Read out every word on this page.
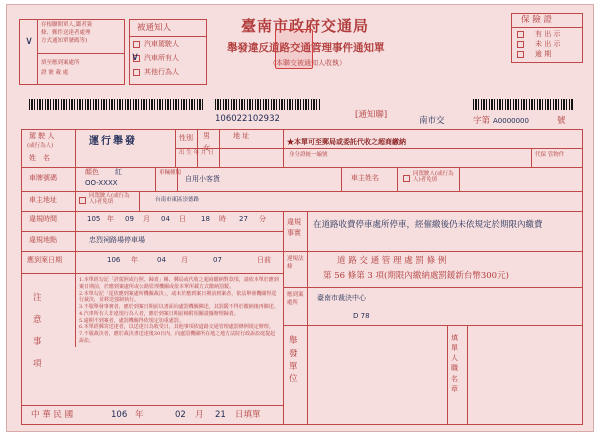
∨
存根聯開單人,鑑者簽
條、郵件送達者處理
方式通知單號碼等)
填至應到案處所
證 號 載 處
被通知人
汽車駕駛人
∨ 汽車所有人
其他行為人
臺南市政府交通局
舉發違反道路交通管理事件通知單
（本聯交被通知人收執）
保 險 證
有 出 示
未 出 示
逾 期
106022102932	[通知聯]
南市交	字第 A0000000	號
駕 駛 人
(或行為人)
姓　名
運行舉發	性別 男
女
地 址
★本單可至郵局或委託代收之超商繳納
出 生 年 月 日	身分證統一編號	代保 管物件
車牌號碼
顏色 紅
OO-XXXX
車輛種類
自用小客貨	車主姓名	同駕駛人(或行為人)者免填
車主地址	同駕駛人(或行為人)者免填	台南市東區崇德路
違規時間	105 年 09 月 04 日 18 時 27 分
違規地點	忠烈祠路場停車場
違規事實
在道路收費停車處所停車，經催繳後仍未依規定於期限內繳費
應到案日期	106 年	04 月	07	日前	違規法條
道 路 交 通 管 理 處 罰 條 例
第 56 條第 3 項(期限內繳納處罰鍰新台幣300元)
應到案處所
臺南市裁決中心
D 78
注 意 事 項
1.本單經勾記「詳駕照或行照、歸責」稱、郵局或代收之超商繳納對款項，請依本單於應到案日期前，於應到案處所或公路監理機關或依本單所載方式繳納罰鍰。
2.本單勾記「逕依應到案處所機關裁決」，或未於應到案日期前到案者，依法舉發機關得逕行裁決，並移送強制執行。
3.不服舉發事實者，應於到案日期前以書面向處罰機關陳述，其罰鍰不得於繳納後再陳述。
4.汽車所有人非違規行為人者，應於到案日期前檢附相關證據辦理歸責。
5.逾期不到案者，處罰機關得依規定加重處罰。
6.本單經郵寄送達者，以送達日為收受日，其他事項依道路交通管理處罰條例規定辦理。
7.不服裁決者，應於裁決書送達後30日內，向處罰機關所在地之地方法院行政訴訟庭提起訴訟。	舉發單位
填單人職名章
中 華 民 國	106 年	02 月 21 日填單
